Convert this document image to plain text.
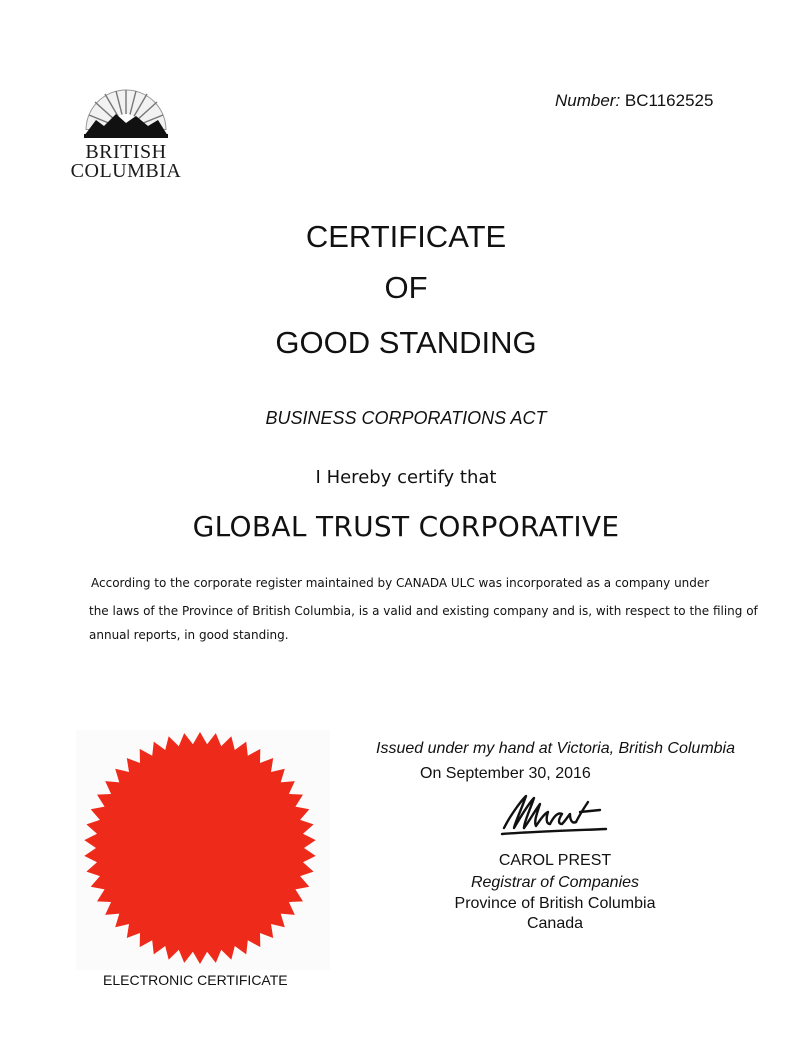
BRITISH
COLUMBIA
Number: BC1162525
CERTIFICATE
OF
GOOD STANDING
BUSINESS CORPORATIONS ACT
I Hereby certify that
GLOBAL TRUST CORPORATIVE
According to the corporate register maintained by CANADA ULC was incorporated as a company under
the laws of the Province of British Columbia, is a valid and existing company and is, with respect to the filing of
annual reports, in good standing.
ELECTRONIC CERTIFICATE
Issued under my hand at Victoria, British Columbia
On September 30, 2016
CAROL PREST
Registrar of Companies
Province of British Columbia
Canada
